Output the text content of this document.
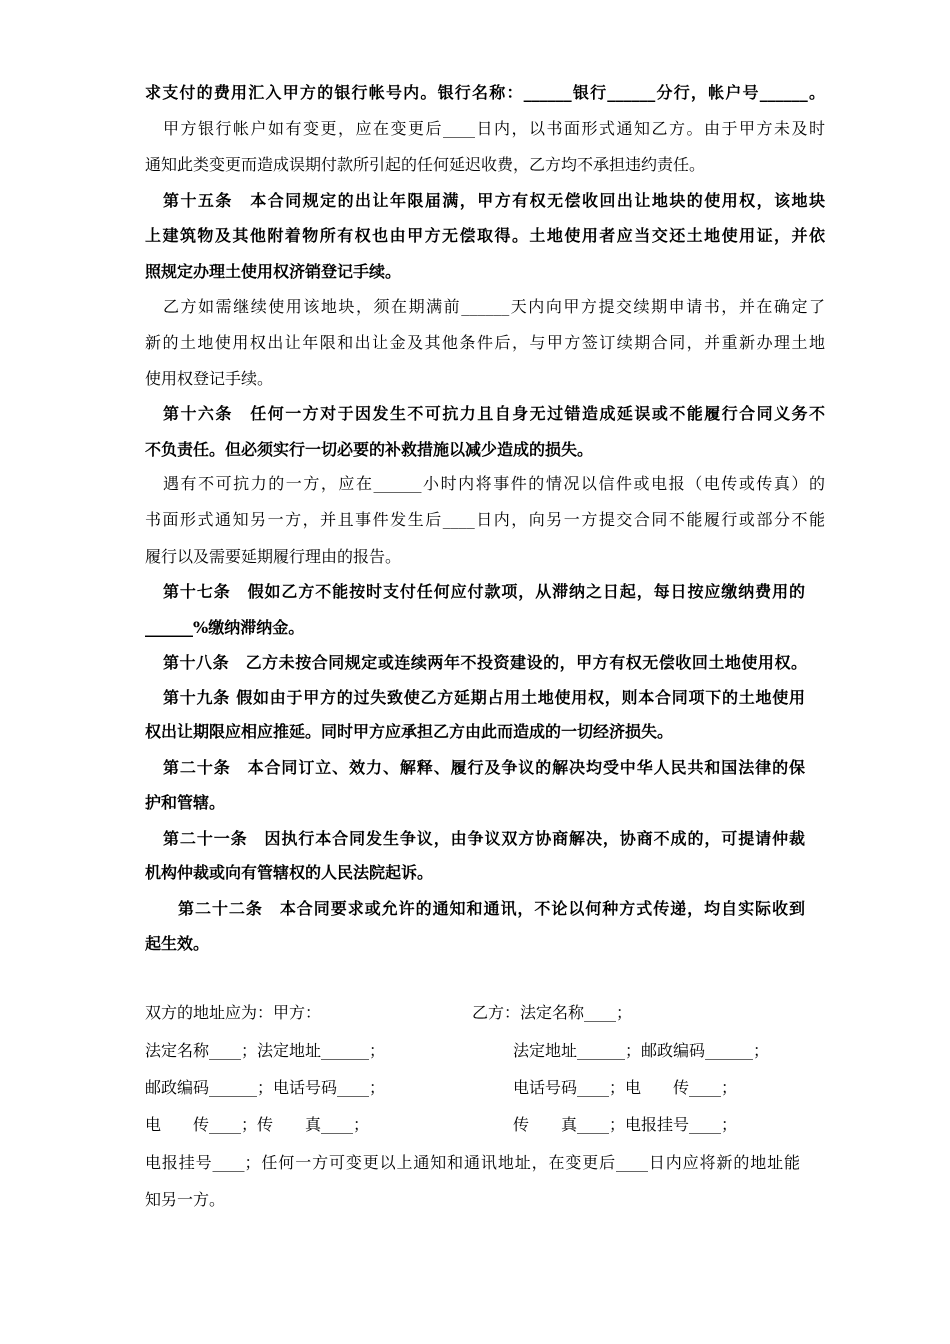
求支付的费用汇入甲方的银行帐号内。银行名称：______银行______分行，帐户号______。
甲方银行帐户如有变更，应在变更后____日内，以书面形式通知乙方。由于甲方未及时
通知此类变更而造成误期付款所引起的任何延迟收费，乙方均不承担违约责任。
第十五条　本合同规定的出让年限届满，甲方有权无偿收回出让地块的使用权，该地块
上建筑物及其他附着物所有权也由甲方无偿取得。土地使用者应当交还土地使用证，并依
照规定办理土使用权济销登记手续。
乙方如需继续使用该地块，须在期满前______天内向甲方提交续期申请书，并在确定了
新的土地使用权出让年限和出让金及其他条件后，与甲方签订续期合同，并重新办理土地
使用权登记手续。
第十六条　任何一方对于因发生不可抗力且自身无过错造成延误或不能履行合同义务不
不负责任。但必须实行一切必要的补救措施以减少造成的损失。
遇有不可抗力的一方，应在______小时内将事件的情况以信件或电报（电传或传真）的
书面形式通知另一方，并且事件发生后____日内，向另一方提交合同不能履行或部分不能
履行以及需要延期履行理由的报告。
第十七条　假如乙方不能按时支付任何应付款项，从滞纳之日起，每日按应缴纳费用的
______%缴纳滞纳金。
第十八条　乙方未按合同规定或连续两年不投资建设的，甲方有权无偿收回土地使用权。
第十九条 假如由于甲方的过失致使乙方延期占用土地使用权，则本合同项下的土地使用
权出让期限应相应推延。同时甲方应承担乙方由此而造成的一切经济损失。
第二十条　本合同订立、效力、解释、履行及争议的解决均受中华人民共和国法律的保
护和管辖。
第二十一条　因执行本合同发生争议，由争议双方协商解决，协商不成的，可提请仲裁
机构仲裁或向有管辖权的人民法院起诉。
第二十二条　本合同要求或允许的通知和通讯，不论以何种方式传递，均自实际收到
起生效。
双方的地址应为：甲方：	乙方：法定名称____；
法定名称____；法定地址______；	法定地址______；邮政编码______；
邮政编码______；电话号码____；	电话号码____；电　　传____；
电　　传____；传　　真____；	传　　真____；电报挂号____；
电报挂号____；任何一方可变更以上通知和通讯地址，在变更后____日内应将新的地址能
知另一方。
